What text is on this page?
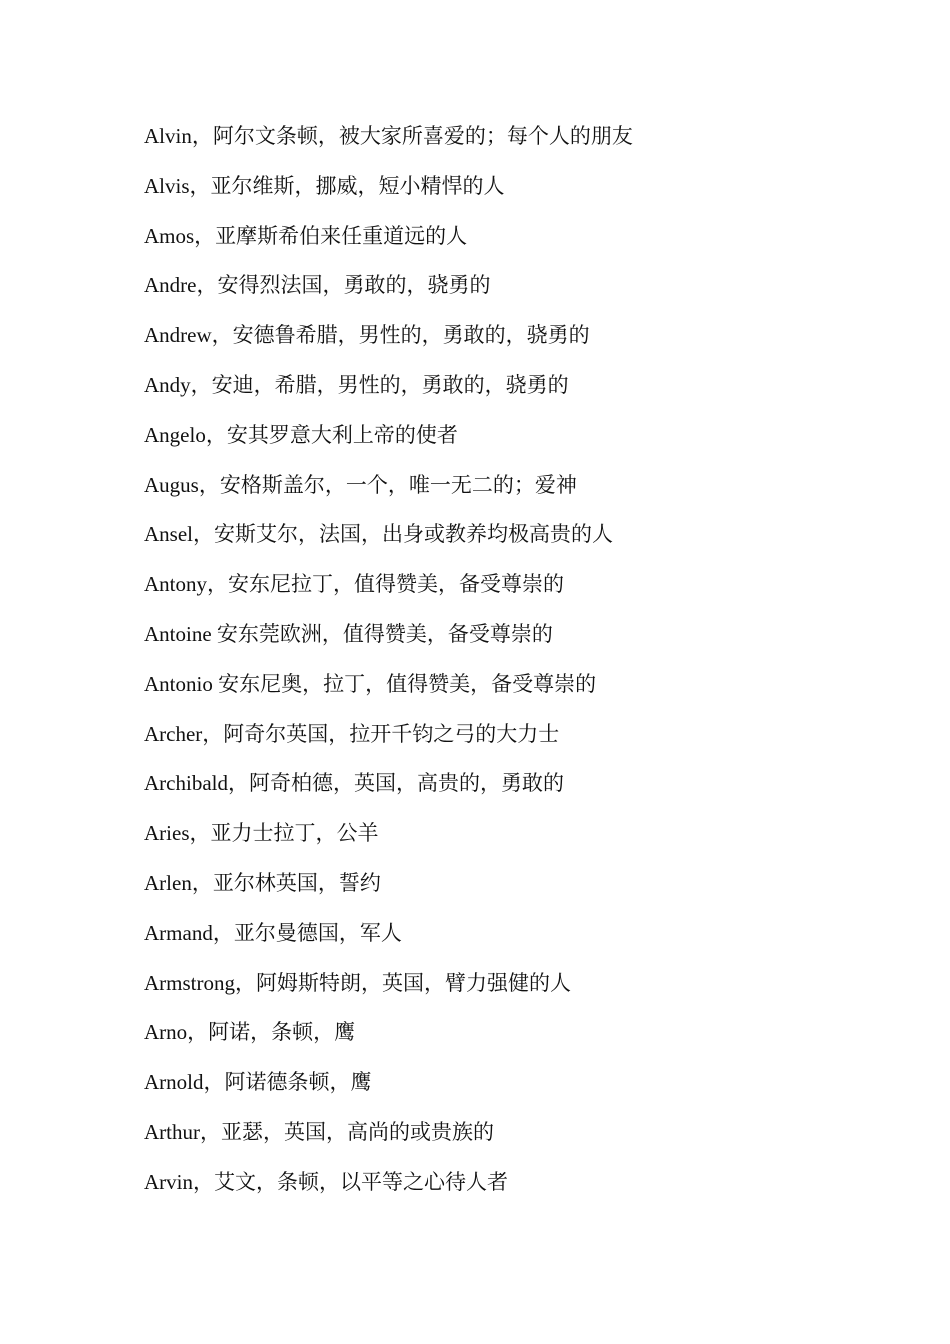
Alvin，阿尔文条顿，被大家所喜爱的；每个人的朋友
Alvis，亚尔维斯，挪威，短小精悍的人
Amos，亚摩斯希伯来任重道远的人
Andre，安得烈法国，勇敢的，骁勇的
Andrew，安德鲁希腊，男性的，勇敢的，骁勇的
Andy，安迪，希腊，男性的，勇敢的，骁勇的
Angelo，安其罗意大利上帝的使者
Augus，安格斯盖尔，一个，唯一无二的；爱神
Ansel，安斯艾尔，法国，出身或教养均极高贵的人
Antony，安东尼拉丁，值得赞美，备受尊崇的
Antoine 安东莞欧洲，值得赞美，备受尊崇的
Antonio 安东尼奥，拉丁，值得赞美，备受尊崇的
Archer，阿奇尔英国，拉开千钧之弓的大力士
Archibald，阿奇柏德，英国，高贵的，勇敢的
Aries，亚力士拉丁，公羊
Arlen，亚尔林英国，誓约
Armand，亚尔曼德国，军人
Armstrong，阿姆斯特朗，英国，臂力强健的人
Arno，阿诺，条顿，鹰
Arnold，阿诺德条顿，鹰
Arthur，亚瑟，英国，高尚的或贵族的
Arvin，艾文，条顿，以平等之心待人者
